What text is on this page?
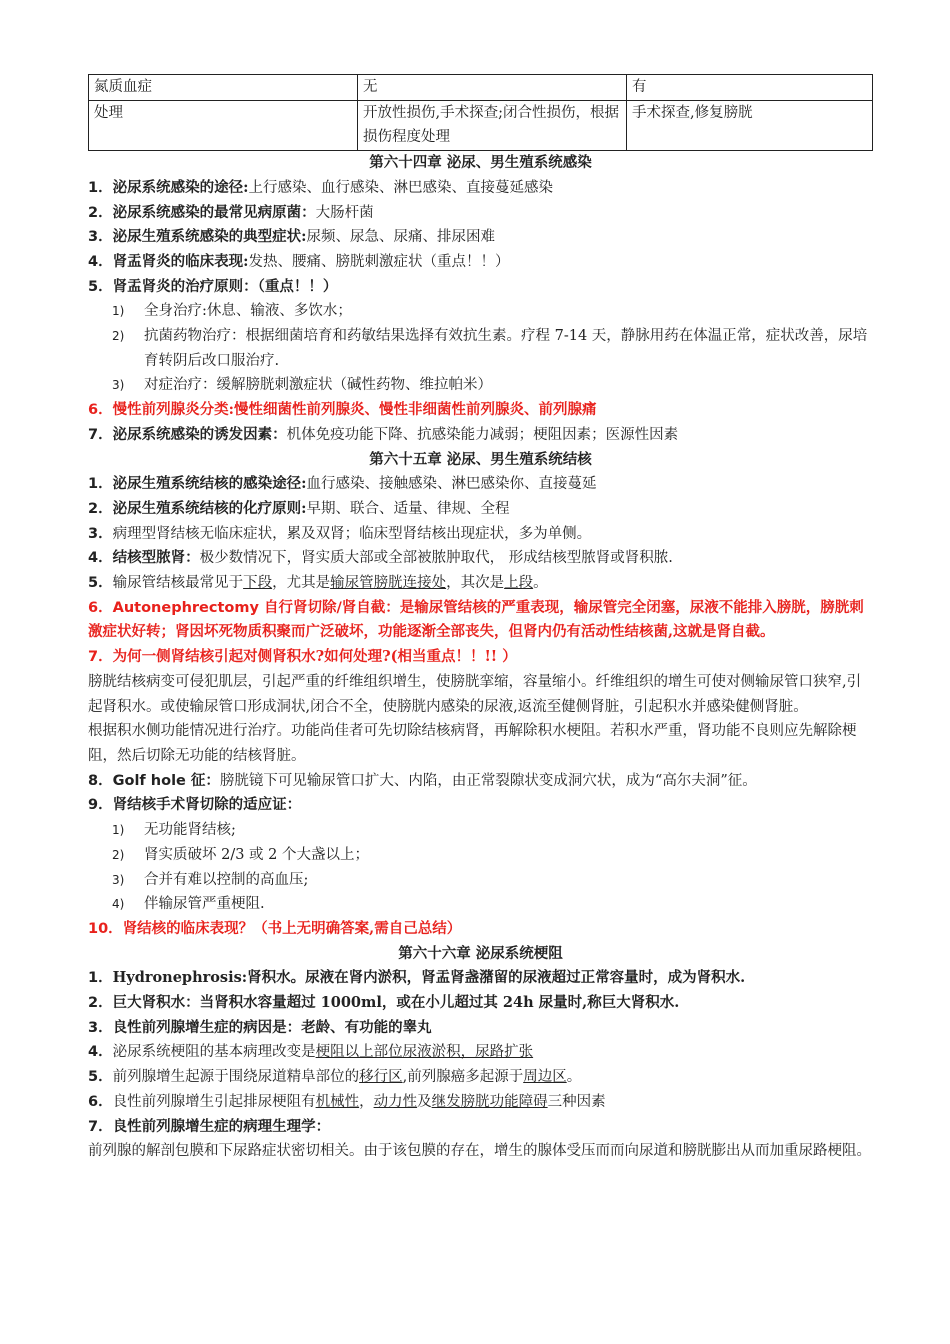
氮质血症	无	有
处理	开放性损伤,手术探查;闭合性损伤，根据损伤程度处理	手术探查,修复膀胱

第六十四章 泌尿、男生殖系统感染

1．泌尿系统感染的途径:上行感染、血行感染、淋巴感染、直接蔓延感染

2．泌尿系统感染的最常见病原菌：大肠杆菌

3．泌尿生殖系统感染的典型症状:尿频、尿急、尿痛、排尿困难

4．肾盂肾炎的临床表现:发热、腰痛、膀胱刺激症状（重点！！）

5．肾盂肾炎的治疗原则：（重点！！）

1)	全身治疗:休息、输液、多饮水；

2)	抗菌药物治疗：根据细菌培育和药敏结果选择有效抗生素。疗程 7-14 天，静脉用药在体温正常，症状改善，尿培育转阴后改口服治疗.

3)	对症治疗：缓解膀胱刺激症状（碱性药物、维拉帕米）

6．慢性前列腺炎分类:慢性细菌性前列腺炎、慢性非细菌性前列腺炎、前列腺痛

7．泌尿系统感染的诱发因素：机体免疫功能下降、抗感染能力减弱；梗阻因素；医源性因素

第六十五章 泌尿、男生殖系统结核

1．泌尿生殖系统结核的感染途径:血行感染、接触感染、淋巴感染你、直接蔓延

2．泌尿生殖系统结核的化疗原则:早期、联合、适量、律规、全程

3．病理型肾结核无临床症状，累及双肾；临床型肾结核出现症状，多为单侧。

4．结核型脓肾：极少数情况下，肾实质大部或全部被脓肿取代， 形成结核型脓肾或肾积脓.

5．输尿管结核最常见于下段，尤其是输尿管膀胱连接处，其次是上段。

6．Autonephrectomy 自行肾切除/肾自截：是输尿管结核的严重表现，输尿管完全闭塞，尿液不能排入膀胱，膀胱刺激症状好转；肾因坏死物质积聚而广泛破坏，功能逐渐全部丧失，但肾内仍有活动性结核菌,这就是肾自截。

7．为何一侧肾结核引起对侧肾积水?如何处理?(相当重点！！!! ）

膀胱结核病变可侵犯肌层，引起严重的纤维组织增生，使膀胱挛缩，容量缩小。纤维组织的增生可使对侧输尿管口狭窄,引起肾积水。或使输尿管口形成洞状,闭合不全，使膀胱内感染的尿液,返流至健侧肾脏，引起积水并感染健侧肾脏。

根据积水侧功能情况进行治疗。功能尚佳者可先切除结核病肾，再解除积水梗阻。若积水严重，肾功能不良则应先解除梗阻，然后切除无功能的结核肾脏。

8．Golf hole 征：膀胱镜下可见输尿管口扩大、内陷，由正常裂隙状变成洞穴状，成为“高尔夫洞”征。

9．肾结核手术肾切除的适应证：

1)	无功能肾结核;

2)	肾实质破坏 2/3 或 2 个大盏以上；

3)	合并有难以控制的高血压;

4)	伴输尿管严重梗阻.

10．肾结核的临床表现？（书上无明确答案,需自己总结）

第六十六章 泌尿系统梗阻

1．Hydronephrosis:肾积水。尿液在肾内淤积，肾盂肾盏潴留的尿液超过正常容量时，成为肾积水.

2．巨大肾积水：当肾积水容量超过 1000ml，或在小儿超过其 24h 尿量时,称巨大肾积水.

3．良性前列腺增生症的病因是：老龄、有功能的睾丸

4．泌尿系统梗阻的基本病理改变是梗阻以上部位尿液淤积，尿路扩张

5．前列腺增生起源于围绕尿道精阜部位的移行区,前列腺癌多起源于周边区。

6．良性前列腺增生引起排尿梗阻有机械性，动力性及继发膀胱功能障碍三种因素

7．良性前列腺增生症的病理生理学：

前列腺的解剖包膜和下尿路症状密切相关。由于该包膜的存在，增生的腺体受压而而向尿道和膀胱膨出从而加重尿路梗阻。
